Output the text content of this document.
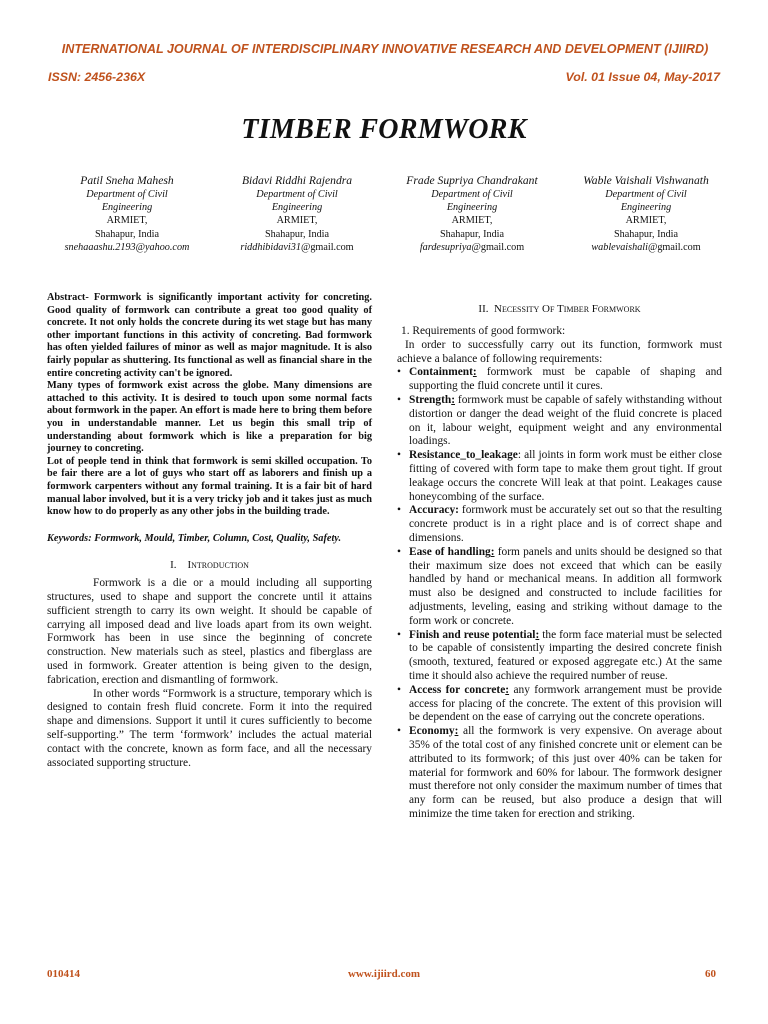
INTERNATIONAL JOURNAL OF INTERDISCIPLINARY INNOVATIVE RESEARCH AND DEVELOPMENT (IJIIRD)
ISSN: 2456-236X	Vol. 01 Issue 04, May-2017
TIMBER FORMWORK
Patil Sneha Mahesh
Department of Civil
Engineering
ARMIET,
Shahapur, India
snehaaashu.2193@yahoo.com
Bidavi Riddhi Rajendra
Department of Civil
Engineering
ARMIET,
Shahapur, India
riddhibidavi31@gmail.com
Frade Supriya Chandrakant
Department of Civil
Engineering
ARMIET,
Shahapur, India
fardesupriya@gmail.com
Wable Vaishali Vishwanath
Department of Civil
Engineering
ARMIET,
Shahapur, India
wablevaishali@gmail.com

Abstract- Formwork is significantly important activity for concreting. Good quality of formwork can contribute a great too good quality of concrete. It not only holds the concrete during its wet stage but has many other important functions in this activity of concreting. Bad formwork has often yielded failures of minor as well as major magnitude. It is also fairly popular as shuttering. Its functional as well as financial share in the entire concreting activity can't be ignored.

Many types of formwork exist across the globe. Many dimensions are attached to this activity. It is desired to touch upon some normal facts about formwork in the paper. An effort is made here to bring them before you in understandable manner. Let us begin this small trip of understanding about formwork which is like a preparation for big journey to concreting.

Lot of people tend in think that formwork is semi skilled occupation. To be fair there are a lot of guys who start off as laborers and finish up a formwork carpenters without any formal training. It is a fair bit of hard manual labor involved, but it is a very tricky job and it takes just as much know how to do properly as any other jobs in the building trade.

Keywords: Formwork, Mould, Timber, Column, Cost, Quality, Safety.

I. Introduction

Formwork is a die or a mould including all supporting structures, used to shape and support the concrete until it attains sufficient strength to carry its own weight. It should be capable of carrying all imposed dead and live loads apart from its own weight. Formwork has been in use since the beginning of concrete construction. New materials such as steel, plastics and fiberglass are used in formwork. Greater attention is being given to the design, fabrication, erection and dismantling of formwork.

In other words “Formwork is a structure, temporary which is designed to contain fresh fluid concrete. Form it into the required shape and dimensions. Support it until it cures sufficiently to become self-supporting.” The term ‘formwork’ includes the actual material contact with the concrete, known as form face, and all the necessary associated supporting structure.

II. Necessity Of Timber Formwork

1. Requirements of good formwork:

In order to successfully carry out its function, formwork must achieve a balance of following requirements:

• Containment: formwork must be capable of shaping and supporting the fluid concrete until it cures.
• Strength: formwork must be capable of safely withstanding without distortion or danger the dead weight of the fluid concrete is placed on it, labour weight, equipment weight and any environmental loadings.
• Resistance_to_leakage: all joints in form work must be either close fitting of covered with form tape to make them grout tight. If grout leakage occurs the concrete Will leak at that point. Leakages cause honeycombing of the surface.
• Accuracy: formwork must be accurately set out so that the resulting concrete product is in a right place and is of correct shape and dimensions.
• Ease of handling: form panels and units should be designed so that their maximum size does not exceed that which can be easily handled by hand or mechanical means. In addition all formwork must also be designed and constructed to include facilities for adjustments, leveling, easing and striking without damage to the form work or concrete.
• Finish and reuse potential: the form face material must be selected to be capable of consistently imparting the desired concrete finish (smooth, textured, featured or exposed aggregate etc.) At the same time it should also achieve the required number of reuse.
• Access for concrete: any formwork arrangement must be provide access for placing of the concrete. The extent of this provision will be dependent on the ease of carrying out the concrete operations.
• Economy: all the formwork is very expensive. On average about 35% of the total cost of any finished concrete unit or element can be attributed to its formwork; of this just over 40% can be taken for material for formwork and 60% for labour. The formwork designer must therefore not only consider the maximum number of times that any form can be reused, but also produce a design that will minimize the time taken for erection and striking.
010414	www.ijiird.com	60
